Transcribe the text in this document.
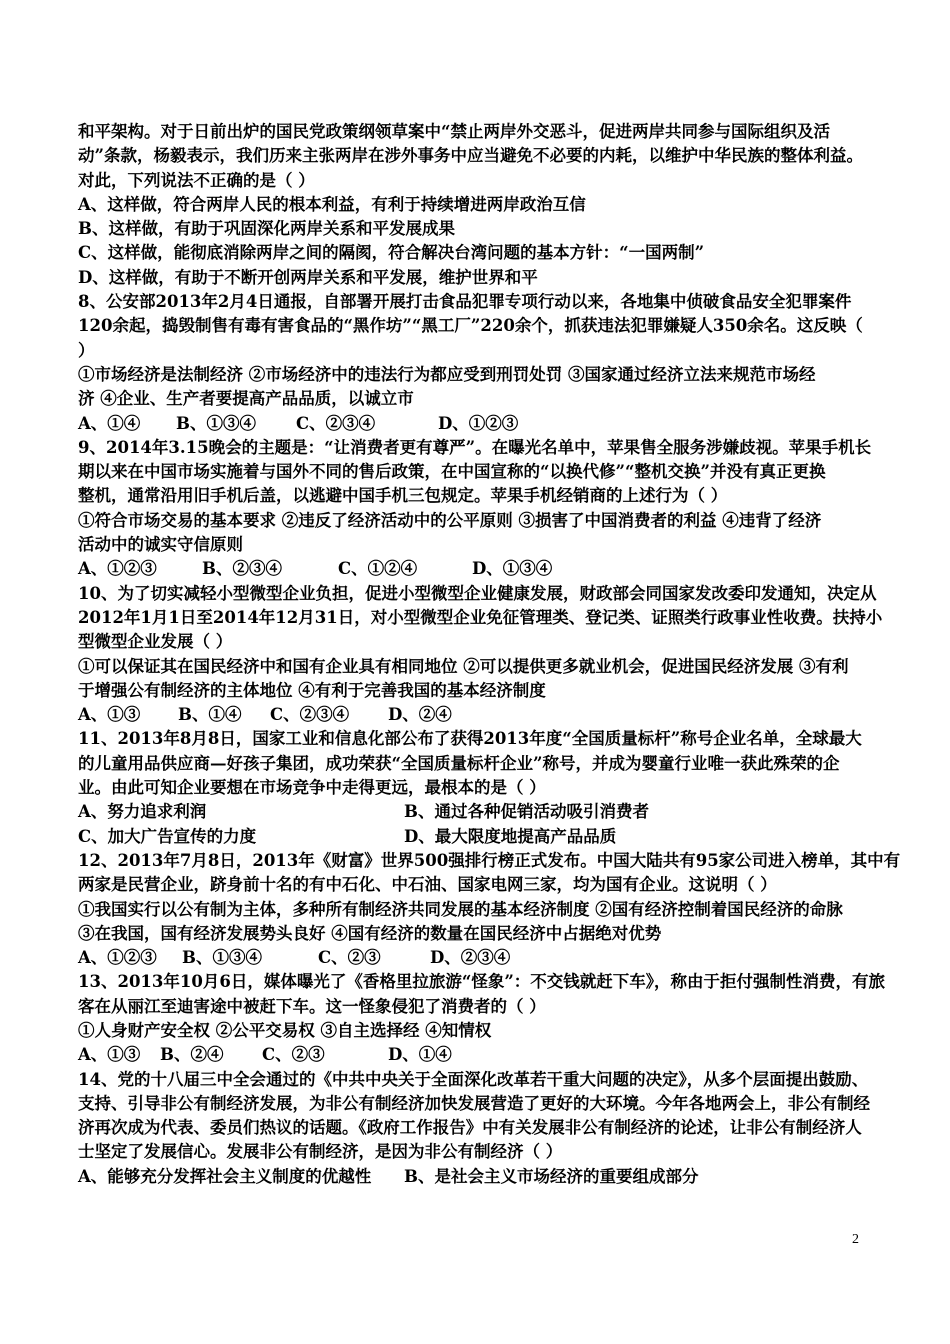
和平架构。对于日前出炉的国民党政策纲领草案中“禁止两岸外交恶斗，促进两岸共同参与国际组织及活
动”条款，杨毅表示，我们历来主张两岸在涉外事务中应当避免不必要的内耗，以维护中华民族的整体利益。
对此，下列说法不正确的是（ ）
A、这样做，符合两岸人民的根本利益，有利于持续增进两岸政治互信
B、这样做，有助于巩固深化两岸关系和平发展成果
C、这样做，能彻底消除两岸之间的隔阂，符合解决台湾问题的基本方针：“一国两制”
D、这样做，有助于不断开创两岸关系和平发展，维护世界和平
8、公安部2013年2月4日通报，自部署开展打击食品犯罪专项行动以来，各地集中侦破食品安全犯罪案件
120余起，捣毁制售有毒有害食品的“黑作坊”“黑工厂”220余个，抓获违法犯罪嫌疑人350余名。这反映（
）
①市场经济是法制经济 ②市场经济中的违法行为都应受到刑罚处罚 ③国家通过经济立法来规范市场经
济 ④企业、生产者要提高产品品质，以诚立市
A、①④	B、①③④	C、②③④	D、①②③
9、2014年3.15晚会的主题是：“让消费者更有尊严”。在曝光名单中，苹果售全服务涉嫌歧视。苹果手机长
期以来在中国市场实施着与国外不同的售后政策，在中国宣称的“以换代修”“整机交换”并没有真正更换
整机，通常沿用旧手机后盖，以逃避中国手机三包规定。苹果手机经销商的上述行为（ ）
①符合市场交易的基本要求 ②违反了经济活动中的公平原则 ③损害了中国消费者的利益 ④违背了经济
活动中的诚实守信原则
A、①②③	B、②③④	C、①②④	D、①③④
10、为了切实减轻小型微型企业负担，促进小型微型企业健康发展，财政部会同国家发改委印发通知，决定从
2012年1月1日至2014年12月31日，对小型微型企业免征管理类、登记类、证照类行政事业性收费。扶持小
型微型企业发展（ ）
①可以保证其在国民经济中和国有企业具有相同地位 ②可以提供更多就业机会，促进国民经济发展 ③有利
于增强公有制经济的主体地位 ④有利于完善我国的基本经济制度
A、①③	B、①④	C、②③④	D、②④
11、2013年8月8日，国家工业和信息化部公布了获得2013年度“全国质量标杆”称号企业名单，全球最大
的儿童用品供应商—好孩子集团，成功荣获“全国质量标杆企业”称号，并成为婴童行业唯一获此殊荣的企
业。由此可知企业要想在市场竞争中走得更远，最根本的是（ ）
A、努力追求利润	B、通过各种促销活动吸引消费者
C、加大广告宣传的力度	D、最大限度地提高产品品质
12、2013年7月8日，2013年《财富》世界500强排行榜正式发布。中国大陆共有95家公司进入榜单，其中有
两家是民营企业，跻身前十名的有中石化、中石油、国家电网三家，均为国有企业。这说明（ ）
①我国实行以公有制为主体，多种所有制经济共同发展的基本经济制度 ②国有经济控制着国民经济的命脉
③在我国，国有经济发展势头良好 ④国有经济的数量在国民经济中占据绝对优势
A、①②③	B、①③④	C、②③	D、②③④
13、2013年10月6日，媒体曝光了《香格里拉旅游“怪象”：不交钱就赶下车》，称由于拒付强制性消费，有旅
客在从丽江至迪害途中被赶下车。这一怪象侵犯了消费者的（ ）
①人身财产安全权 ②公平交易权 ③自主选择经 ④知情权
A、①③	B、②④	C、②③	D、①④
14、党的十八届三中全会通过的《中共中央关于全面深化改革若干重大问题的决定》，从多个层面提出鼓励、
支持、引导非公有制经济发展，为非公有制经济加快发展营造了更好的大环境。今年各地两会上，非公有制经
济再次成为代表、委员们热议的话题。《政府工作报告》中有关发展非公有制经济的论述，让非公有制经济人
士坚定了发展信心。发展非公有制经济，是因为非公有制经济（ ）
A、能够充分发挥社会主义制度的优越性	B、是社会主义市场经济的重要组成部分
2
